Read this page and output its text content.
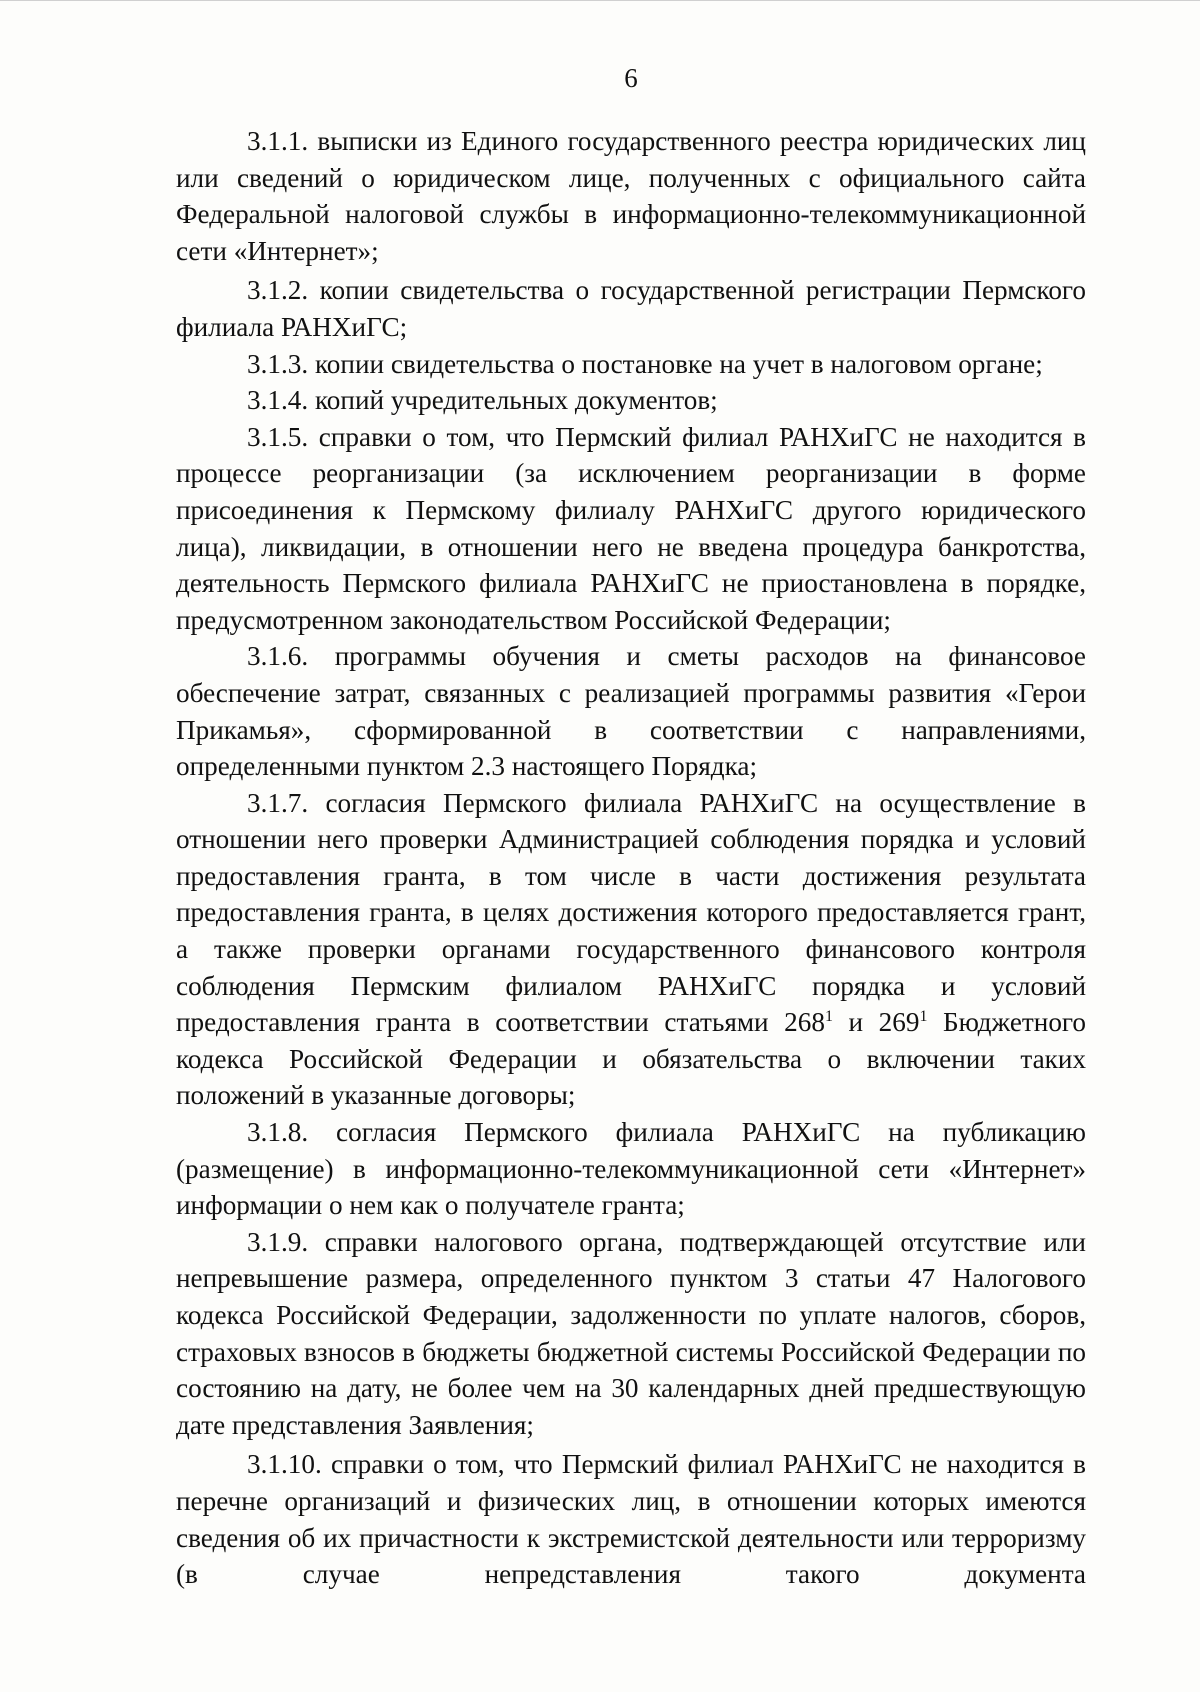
6

3.1.1. выписки из Единого государственного реестра юридических лиц или сведений о юридическом лице, полученных с официального сайта Федеральной налоговой службы в информационно-телекоммуникационной сети «Интернет»;

3.1.2. копии свидетельства о государственной регистрации Пермского филиала РАНХиГС;

3.1.3. копии свидетельства о постановке на учет в налоговом органе;

3.1.4. копий учредительных документов;

3.1.5. справки о том, что Пермский филиал РАНХиГС не находится в процессе реорганизации (за исключением реорганизации в форме присоединения к Пермскому филиалу РАНХиГС другого юридического лица), ликвидации, в отношении него не введена процедура банкротства, деятельность Пермского филиала РАНХиГС не приостановлена в порядке, предусмотренном законодательством Российской Федерации;

3.1.6. программы обучения и сметы расходов на финансовое обеспечение затрат, связанных с реализацией программы развития «Герои Прикамья», сформированной в соответствии с направлениями, определенными пунктом 2.3 настоящего Порядка;

3.1.7. согласия Пермского филиала РАНХиГС на осуществление в отношении него проверки Администрацией соблюдения порядка и условий предоставления гранта, в том числе в части достижения результата предоставления гранта, в целях достижения которого предоставляется грант, а также проверки органами государственного финансового контроля соблюдения Пермским филиалом РАНХиГС порядка и условий предоставления гранта в соответствии статьями $268^1$ и $269^1$ Бюджетного кодекса Российской Федерации и обязательства о включении таких положений в указанные договоры;

3.1.8. согласия Пермского филиала РАНХиГС на публикацию (размещение) в информационно-телекоммуникационной сети «Интернет» информации о нем как о получателе гранта;

3.1.9. справки налогового органа, подтверждающей отсутствие или непревышение размера, определенного пунктом 3 статьи 47 Налогового кодекса Российской Федерации, задолженности по уплате налогов, сборов, страховых взносов в бюджеты бюджетной системы Российской Федерации по состоянию на дату, не более чем на 30 календарных дней предшествующую дате представления Заявления;

3.1.10. справки о том, что Пермский филиал РАНХиГС не находится в перечне организаций и физических лиц, в отношении которых имеются сведения об их причастности к экстремистской деятельности или терроризму (в случае непредставления такого документа
